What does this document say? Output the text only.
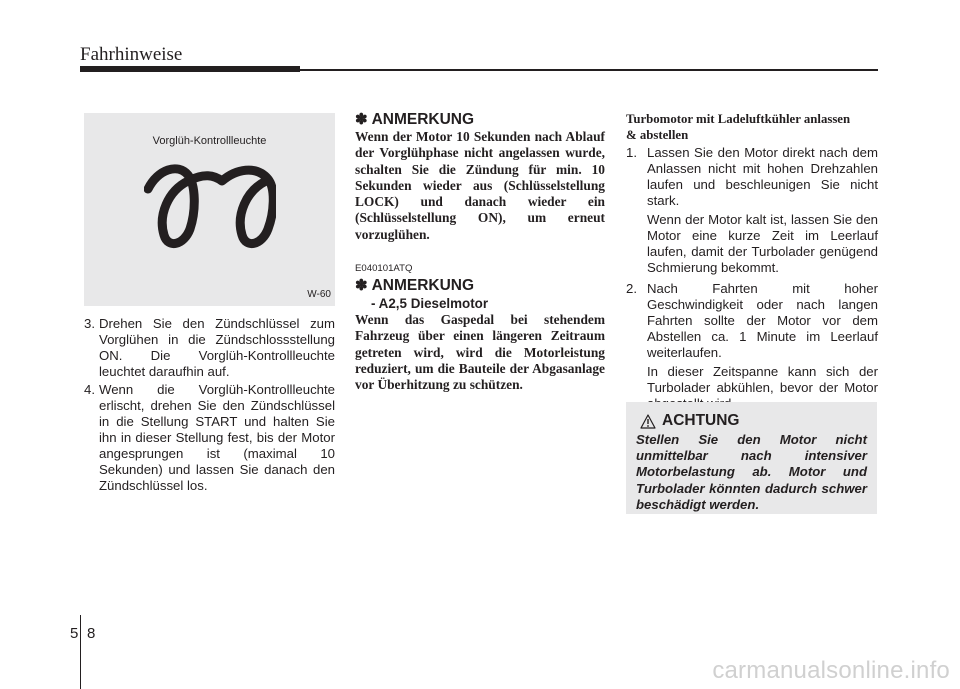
Fahrhinweise
Vorglüh-Kontrollleuchte
W-60
3. Drehen Sie den Zündschlüssel zum Vorglühen in die Zündschlossstellung ON. Die Vorglüh-Kontrollleuchte leuchtet daraufhin auf.
4. Wenn die Vorglüh-Kontrollleuchte erlischt, drehen Sie den Zündschlüssel in die Stellung START und halten Sie ihn in dieser Stellung fest, bis der Motor angesprungen ist (maximal 10 Sekunden) und lassen Sie danach den Zündschlüssel los.
✽ ANMERKUNG
Wenn der Motor 10 Sekunden nach Ablauf der Vorglühphase nicht angelassen wurde, schalten Sie die Zündung für min. 10 Sekunden wieder aus (Schlüsselstellung LOCK) und danach wieder ein (Schlüsselstellung ON), um erneut vorzuglühen.
E040101ATQ
✽ ANMERKUNG
- A2,5 Dieselmotor
Wenn das Gaspedal bei stehendem Fahrzeug über einen längeren Zeitraum getreten wird, wird die Motorleistung reduziert, um die Bauteile der Abgasanlage vor Überhitzung zu schützen.
Turbomotor mit Ladeluftkühler anlassen
& abstellen
1. Lassen Sie den Motor direkt nach dem Anlassen nicht mit hohen Drehzahlen laufen und beschleunigen Sie nicht stark.
Wenn der Motor kalt ist, lassen Sie den Motor eine kurze Zeit im Leerlauf laufen, damit der Turbolader genügend Schmierung bekommt.
2. Nach Fahrten mit hoher Geschwindigkeit oder nach langen Fahrten sollte der Motor vor dem Abstellen ca. 1 Minute im Leerlauf weiterlaufen.
In dieser Zeitspanne kann sich der Turbolader abkühlen, bevor der Motor
ACHTUNG
Stellen Sie den Motor nicht unmittelbar nach intensiver Motorbelastung ab. Motor und Turbolader könnten dadurch schwer beschädigt werden.
5 8
carmanualsonline.info
